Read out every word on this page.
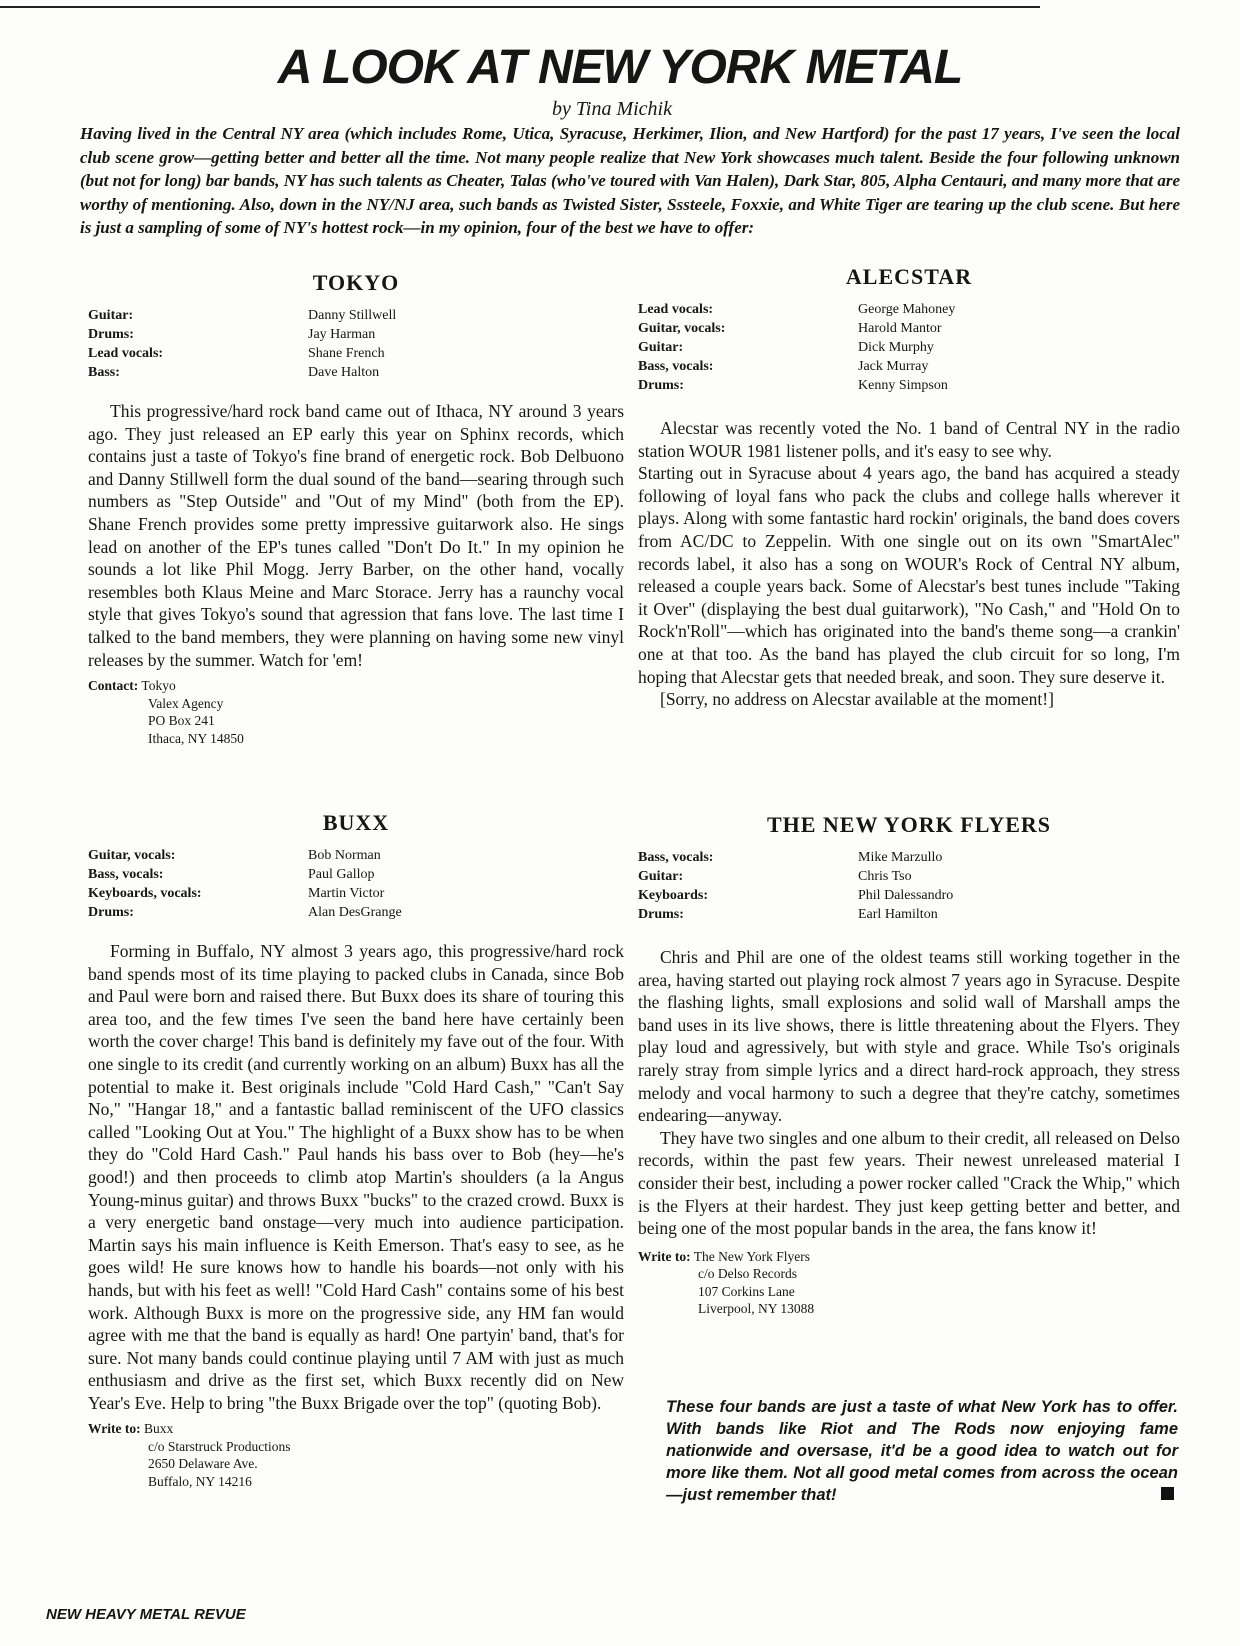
A LOOK AT NEW YORK METAL
by Tina Michik
Having lived in the Central NY area (which includes Rome, Utica, Syracuse, Herkimer, Ilion, and New Hartford) for the past 17 years, I've seen the local club scene grow—getting better and better all the time. Not many people realize that New York showcases much talent. Beside the four following unknown (but not for long) bar bands, NY has such talents as Cheater, Talas (who've toured with Van Halen), Dark Star, 805, Alpha Centauri, and many more that are worthy of mentioning. Also, down in the NY/NJ area, such bands as Twisted Sister, Sssteele, Foxxie, and White Tiger are tearing up the club scene. But here is just a sampling of some of NY's hottest rock—in my opinion, four of the best we have to offer:
TOKYO
Guitar:	Danny Stillwell
Drums:	Jay Harman
Lead vocals:	Shane French
Bass:	Dave Halton

This progressive/hard rock band came out of Ithaca, NY around 3 years ago. They just released an EP early this year on Sphinx records, which contains just a taste of Tokyo's fine brand of energetic rock. Bob Delbuono and Danny Stillwell form the dual sound of the band—searing through such numbers as "Step Outside" and "Out of my Mind" (both from the EP). Shane French provides some pretty impressive guitarwork also. He sings lead on another of the EP's tunes called "Don't Do It." In my opinion he sounds a lot like Phil Mogg. Jerry Barber, on the other hand, vocally resembles both Klaus Meine and Marc Storace. Jerry has a raunchy vocal style that gives Tokyo's sound that agression that fans love. The last time I talked to the band members, they were planning on having some new vinyl releases by the summer. Watch for 'em!

Contact: Tokyo
Valex Agency
PO Box 241
Ithaca, NY 14850
BUXX
Guitar, vocals:	Bob Norman
Bass, vocals:	Paul Gallop
Keyboards, vocals:	Martin Victor
Drums:	Alan DesGrange

Forming in Buffalo, NY almost 3 years ago, this progressive/hard rock band spends most of its time playing to packed clubs in Canada, since Bob and Paul were born and raised there. But Buxx does its share of touring this area too, and the few times I've seen the band here have certainly been worth the cover charge! This band is definitely my fave out of the four. With one single to its credit (and currently working on an album) Buxx has all the potential to make it. Best originals include "Cold Hard Cash," "Can't Say No," "Hangar 18," and a fantastic ballad reminiscent of the UFO classics called "Looking Out at You." The highlight of a Buxx show has to be when they do "Cold Hard Cash." Paul hands his bass over to Bob (hey—he's good!) and then proceeds to climb atop Martin's shoulders (a la Angus Young-minus guitar) and throws Buxx "bucks" to the crazed crowd. Buxx is a very energetic band onstage—very much into audience participation. Martin says his main influence is Keith Emerson. That's easy to see, as he goes wild! He sure knows how to handle his boards—not only with his hands, but with his feet as well! "Cold Hard Cash" contains some of his best work. Although Buxx is more on the progressive side, any HM fan would agree with me that the band is equally as hard! One partyin' band, that's for sure. Not many bands could continue playing until 7 AM with just as much enthusiasm and drive as the first set, which Buxx recently did on New Year's Eve. Help to bring "the Buxx Brigade over the top" (quoting Bob).

Write to: Buxx
c/o Starstruck Productions
2650 Delaware Ave.
Buffalo, NY 14216
ALECSTAR
Lead vocals:	George Mahoney
Guitar, vocals:	Harold Mantor
Guitar:	Dick Murphy
Bass, vocals:	Jack Murray
Drums:	Kenny Simpson

Alecstar was recently voted the No. 1 band of Central NY in the radio station WOUR 1981 listener polls, and it's easy to see why.

Starting out in Syracuse about 4 years ago, the band has acquired a steady following of loyal fans who pack the clubs and college halls wherever it plays. Along with some fantastic hard rockin' originals, the band does covers from AC/DC to Zeppelin. With one single out on its own "SmartAlec" records label, it also has a song on WOUR's Rock of Central NY album, released a couple years back. Some of Alecstar's best tunes include "Taking it Over" (displaying the best dual guitarwork), "No Cash," and "Hold On to Rock'n'Roll"—which has originated into the band's theme song—a crankin' one at that too. As the band has played the club circuit for so long, I'm hoping that Alecstar gets that needed break, and soon. They sure deserve it.

[Sorry, no address on Alecstar available at the moment!]

THE NEW YORK FLYERS
Bass, vocals:	Mike Marzullo
Guitar:	Chris Tso
Keyboards:	Phil Dalessandro
Drums:	Earl Hamilton

Chris and Phil are one of the oldest teams still working together in the area, having started out playing rock almost 7 years ago in Syracuse. Despite the flashing lights, small explosions and solid wall of Marshall amps the band uses in its live shows, there is little threatening about the Flyers. They play loud and agressively, but with style and grace. While Tso's originals rarely stray from simple lyrics and a direct hard-rock approach, they stress melody and vocal harmony to such a degree that they're catchy, sometimes endearing—anyway.

They have two singles and one album to their credit, all released on Delso records, within the past few years. Their newest unreleased material I consider their best, including a power rocker called "Crack the Whip," which is the Flyers at their hardest. They just keep getting better and better, and being one of the most popular bands in the area, the fans know it!

Write to: The New York Flyers
c/o Delso Records
107 Corkins Lane
Liverpool, NY 13088
These four bands are just a taste of what New York has to offer. With bands like Riot and The Rods now enjoying fame nationwide and oversase, it'd be a good idea to watch out for more like them. Not all good metal comes from across the ocean—just remember that!
NEW HEAVY METAL REVUE
